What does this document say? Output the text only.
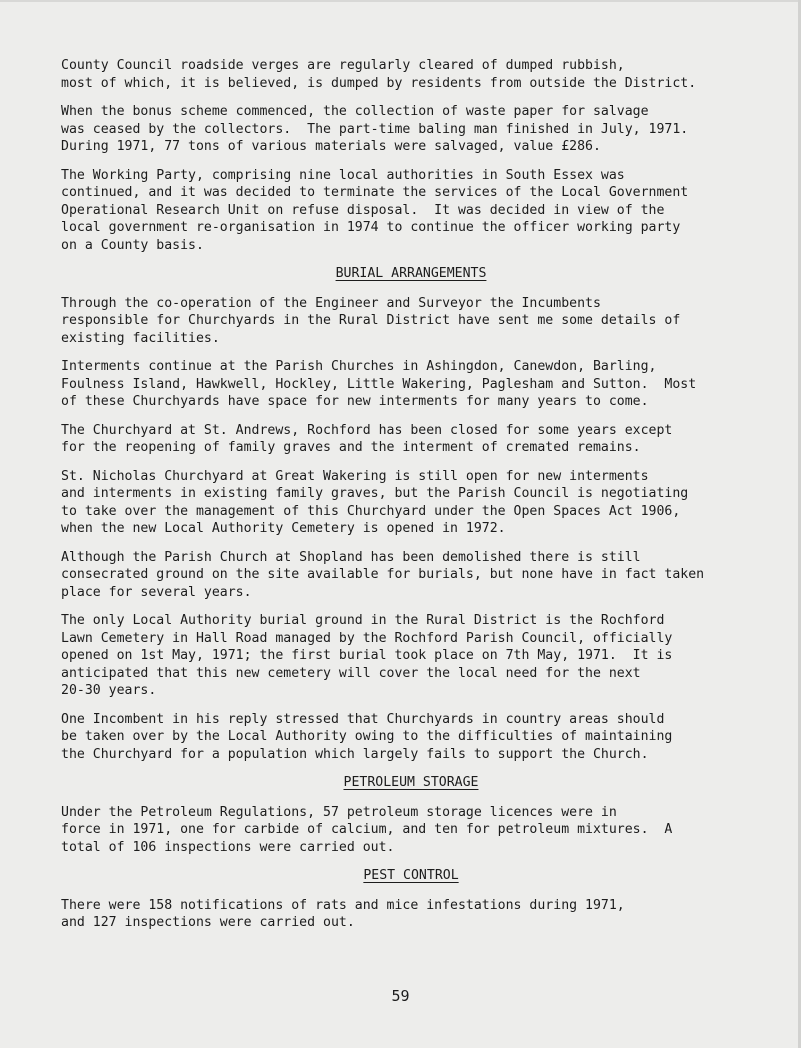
County Council roadside verges are regularly cleared of dumped rubbish,
most of which, it is believed, is dumped by residents from outside the District.

When the bonus scheme commenced, the collection of waste paper for salvage
was ceased by the collectors.  The part-time baling man finished in July, 1971.
During 1971, 77 tons of various materials were salvaged, value £286.

The Working Party, comprising nine local authorities in South Essex was
continued, and it was decided to terminate the services of the Local Government
Operational Research Unit on refuse disposal.  It was decided in view of the
local government re-organisation in 1974 to continue the officer working party
on a County basis.

BURIAL ARRANGEMENTS

Through the co-operation of the Engineer and Surveyor the Incumbents
responsible for Churchyards in the Rural District have sent me some details of
existing facilities.

Interments continue at the Parish Churches in Ashingdon, Canewdon, Barling,
Foulness Island, Hawkwell, Hockley, Little Wakering, Paglesham and Sutton.  Most
of these Churchyards have space for new interments for many years to come.

The Churchyard at St. Andrews, Rochford has been closed for some years except
for the reopening of family graves and the interment of cremated remains.

St. Nicholas Churchyard at Great Wakering is still open for new interments
and interments in existing family graves, but the Parish Council is negotiating
to take over the management of this Churchyard under the Open Spaces Act 1906,
when the new Local Authority Cemetery is opened in 1972.

Although the Parish Church at Shopland has been demolished there is still
consecrated ground on the site available for burials, but none have in fact taken
place for several years.

The only Local Authority burial ground in the Rural District is the Rochford
Lawn Cemetery in Hall Road managed by the Rochford Parish Council, officially
opened on 1st May, 1971; the first burial took place on 7th May, 1971.  It is
anticipated that this new cemetery will cover the local need for the next
20-30 years.

One Incombent in his reply stressed that Churchyards in country areas should
be taken over by the Local Authority owing to the difficulties of maintaining
the Churchyard for a population which largely fails to support the Church.

PETROLEUM STORAGE

Under the Petroleum Regulations, 57 petroleum storage licences were in
force in 1971, one for carbide of calcium, and ten for petroleum mixtures.  A
total of 106 inspections were carried out.

PEST CONTROL

There were 158 notifications of rats and mice infestations during 1971,
and 127 inspections were carried out.

59
